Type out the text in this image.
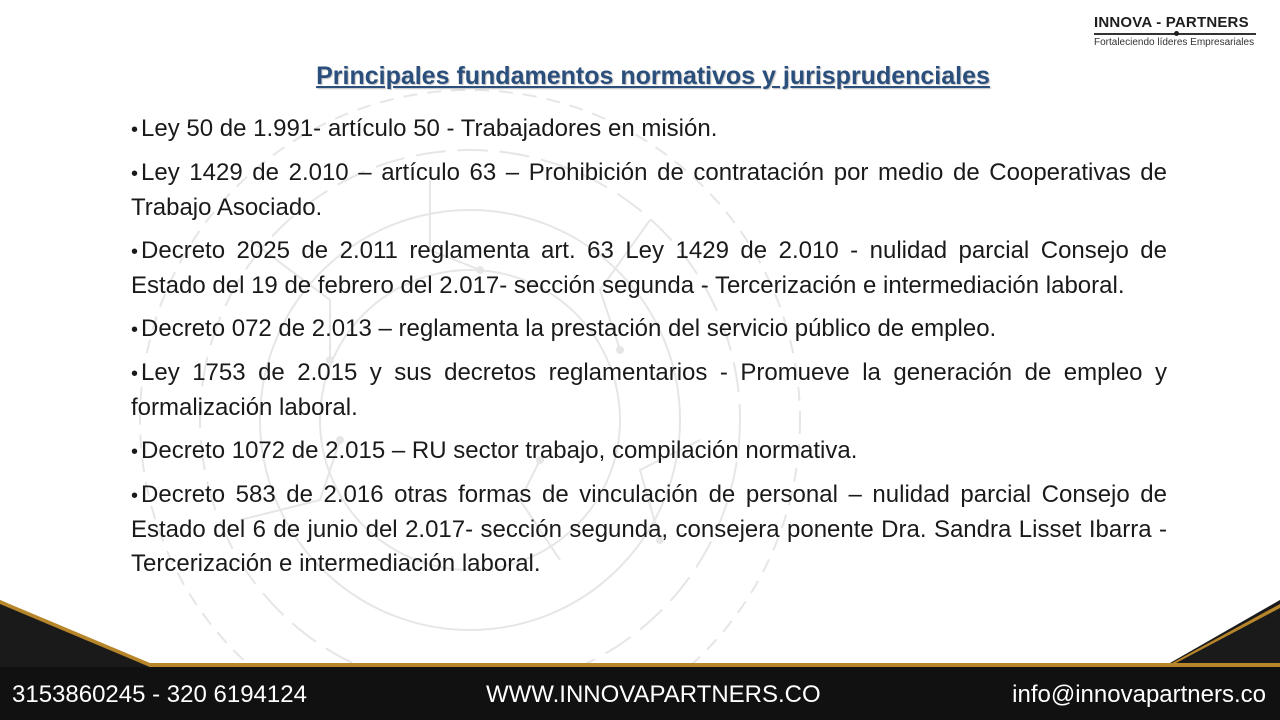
INNOVA - PARTNERS
Fortaleciendo líderes Empresariales
Principales fundamentos normativos y jurisprudenciales
• Ley 50 de 1.991- artículo 50 - Trabajadores en misión.
• Ley 1429 de 2.010 – artículo 63 – Prohibición de contratación por medio de Cooperativas de Trabajo Asociado.
• Decreto 2025 de 2.011 reglamenta art. 63 Ley 1429 de 2.010 - nulidad parcial Consejo de Estado del 19 de febrero del 2.017- sección segunda - Tercerización e intermediación laboral.
• Decreto 072 de 2.013 – reglamenta la prestación del servicio público de empleo.
• Ley 1753 de 2.015 y sus decretos reglamentarios - Promueve la generación de empleo y formalización laboral.
• Decreto 1072 de 2.015 – RU sector trabajo, compilación normativa.
• Decreto 583 de 2.016 otras formas de vinculación de personal – nulidad parcial Consejo de Estado del 6 de junio del 2.017- sección segunda, consejera ponente Dra. Sandra Lisset Ibarra - Tercerización e intermediación laboral.
3153860245 - 320 6194124	WWW.INNOVAPARTNERS.CO	info@innovapartners.co
